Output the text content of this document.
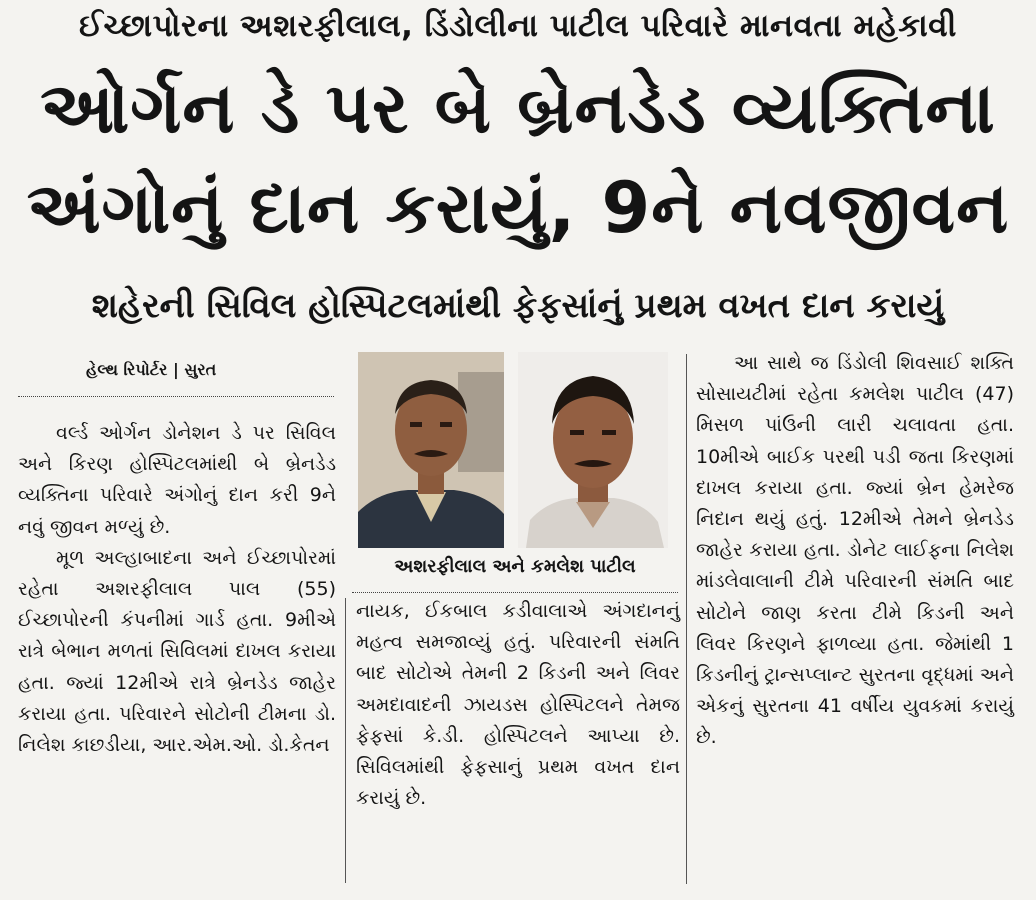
ઈચ્છાપોરના અશરફીલાલ, ડિંડોલીના પાટીલ પરિવારે માનવતા મહેકાવી
ઓર્ગન ડે પર બે બ્રેનડેડ વ્યક્તિના
અંગોનું દાન કરાયું, 9ને નવજીવન
શહેરની સિવિલ હોસ્પિટલમાંથી ફેફસાંનું પ્રથમ વખત દાન કરાયું
હેલ્થ રિપોર્ટર | સુરત

વર્લ્ડ ઓર્ગન ડોનેશન ડે પર સિવિલ અને કિરણ હોસ્પિટલમાંથી બે બ્રેનડેડ વ્યક્તિના પરિવારે અંગોનું દાન કરી 9ને નવું જીવન મળ્યું છે.

મૂળ અલ્હાબાદના અને ઈચ્છાપોરમાં રહેતા અશરફીલાલ પાલ (55) ઈચ્છાપોરની કંપનીમાં ગાર્ડ હતા. 9મીએ રાત્રે બેભાન મળતાં સિવિલમાં દાખલ કરાયા હતા. જ્યાં 12મીએ રાત્રે બ્રેનડેડ જાહેર કરાયા હતા. પરિવારને સોટોની ટીમના ડો. નિલેશ કાછડીયા, આર.એમ.ઓ. ડો.કેતન

અશરફીલાલ અને કમલેશ પાટીલ

નાયક, ઈકબાલ કડીવાલાએ અંગદાનનું મહત્વ સમજાવ્યું હતું. પરિવારની સંમતિ બાદ સોટોએ તેમની 2 કિડની અને લિવર અમદાવાદની ઝાયડસ હોસ્પિટલને તેમજ ફેફસાં કે.ડી. હોસ્પિટલને આપ્યા છે. સિવિલમાંથી ફેફસાનું પ્રથમ વખત દાન કરાયું છે.

આ સાથે જ ડિંડોલી શિવસાઈ શક્તિ સોસાયટીમાં રહેતા કમલેશ પાટીલ (47) મિસળ પાંઉની લારી ચલાવતા હતા. 10મીએ બાઈક પરથી પડી જતા કિરણમાં દાખલ કરાયા હતા. જ્યાં બ્રેન હેમરેજ નિદાન થયું હતું. 12મીએ તેમને બ્રેનડેડ જાહેર કરાયા હતા. ડોનેટ લાઈફના નિલેશ માંડલેવાલાની ટીમે પરિવારની સંમતિ બાદ સોટોને જાણ કરતા ટીમે કિડની અને લિવર કિરણને ફાળવ્યા હતા. જેમાંથી 1 કિડનીનું ટ્રાન્સપ્લાન્ટ સુરતના વૃદ્ધમાં અને એકનું સુરતના 41 વર્ષીય યુવકમાં કરાયું છે.
